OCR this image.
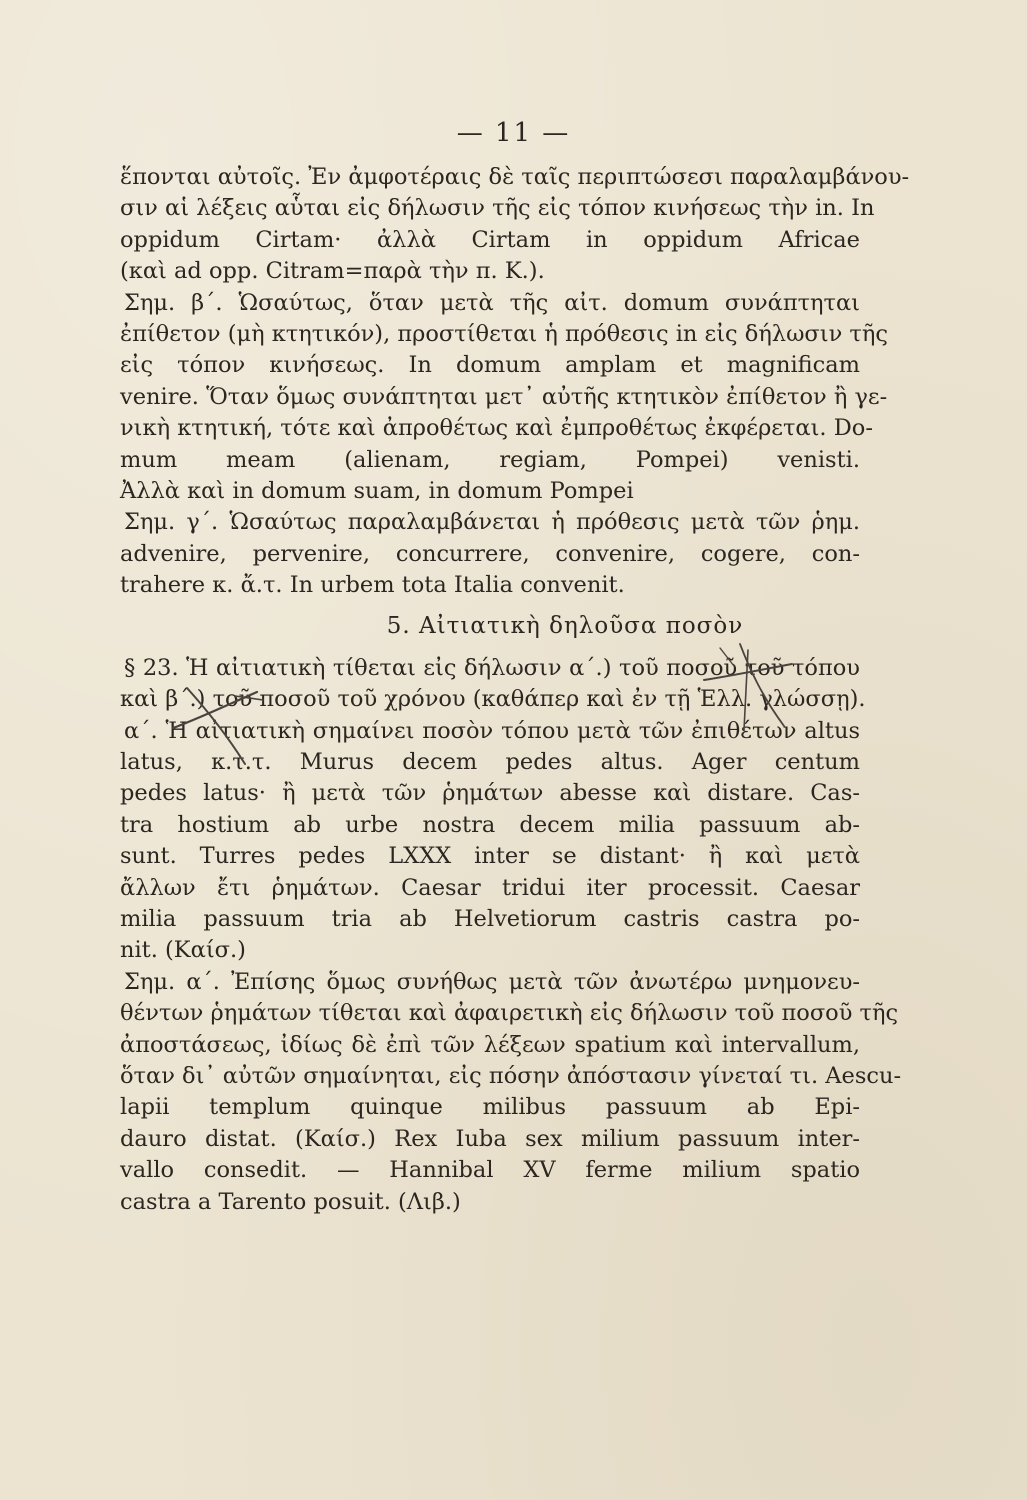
— 11 —
ἕπονται αὐτοῖς. Ἐν ἀμφοτέραις δὲ ταῖς περιπτώσεσι παραλαμβάνου-
σιν αἱ λέξεις αὗται εἰς δήλωσιν τῆς εἰς τόπον κινήσεως τὴν in. In
oppidum Cirtam· ἀλλὰ Cirtam in oppidum Africae
(καὶ ad opp. Citram=παρὰ τὴν π. Κ.).
Σημ. β΄. Ὡσαύτως, ὅταν μετὰ τῆς αἰτ. domum συνάπτηται
ἐπίθετον (μὴ κτητικόν), προστίθεται ἡ πρόθεσις in εἰς δήλωσιν τῆς
εἰς τόπον κινήσεως. In domum amplam et magnificam
venire. Ὅταν ὅμως συνάπτηται μετ᾽ αὐτῆς κτητικὸν ἐπίθετον ἢ γε-
νικὴ κτητική, τότε καὶ ἀπροθέτως καὶ ἐμπροθέτως ἐκφέρεται. Do-
mum meam (alienam, regiam, Pompei) venisti.
Ἀλλὰ καὶ in domum suam, in domum Pompei
Σημ. γ΄. Ὡσαύτως παραλαμβάνεται ἡ πρόθεσις μετὰ τῶν ῥημ.
advenire, pervenire, concurrere, convenire, cogere, con-
trahere κ. ἄ.τ. In urbem tota Italia convenit.
5. Αἰτιατικὴ δηλοῦσα ποσὸν
§ 23. Ἡ αἰτιατικὴ τίθεται εἰς δήλωσιν α΄.) τοῦ ποσοῦ τοῦ τόπου
καὶ β΄.) τοῦ ποσοῦ τοῦ χρόνου (καθάπερ καὶ ἐν τῇ Ἑλλ. γλώσσῃ).
α΄. Ἡ αἰτιατικὴ σημαίνει ποσὸν τόπου μετὰ τῶν ἐπιθέτων altus
latus, κ.τ.τ. Murus decem pedes altus. Ager centum
pedes latus· ἢ μετὰ τῶν ῥημάτων abesse καὶ distare. Cas-
tra hostium ab urbe nostra decem milia passuum ab-
sunt. Turres pedes LXXX inter se distant· ἢ καὶ μετὰ
ἄλλων ἔτι ῥημάτων. Caesar tridui iter processit. Caesar
milia passuum tria ab Helvetiorum castris castra po-
nit. (Καίσ.)
Σημ. α΄. Ἐπίσης ὅμως συνήθως μετὰ τῶν ἀνωτέρω μνημονευ-
θέντων ῥημάτων τίθεται καὶ ἀφαιρετικὴ εἰς δήλωσιν τοῦ ποσοῦ τῆς
ἀποστάσεως, ἰδίως δὲ ἐπὶ τῶν λέξεων spatium καὶ intervallum,
ὅταν δι᾽ αὐτῶν σημαίνηται, εἰς πόσην ἀπόστασιν γίνεταί τι. Aescu-
lapii templum quinque milibus passuum ab Epi-
dauro distat. (Καίσ.) Rex Iuba sex milium passuum inter-
vallo consedit. — Hannibal XV ferme milium spatio
castra a Tarento posuit. (Λιβ.)
